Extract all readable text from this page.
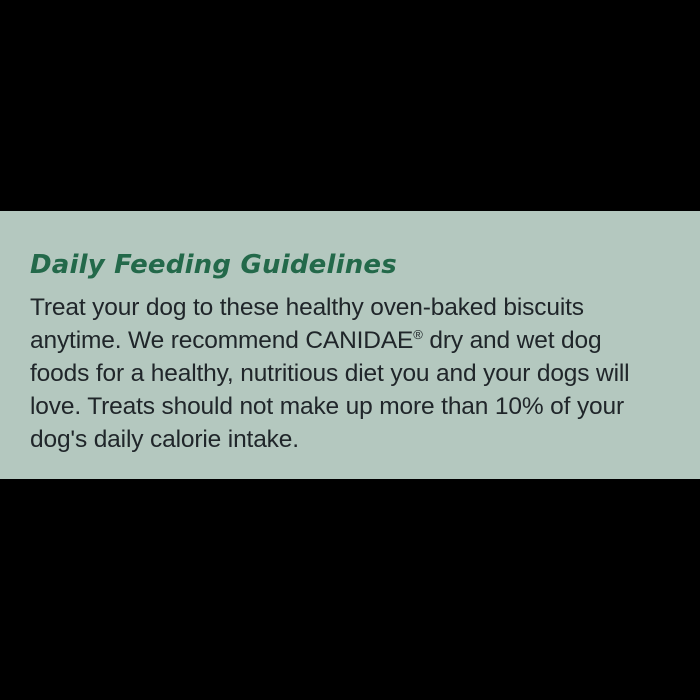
Daily Feeding Guidelines
Treat your dog to these healthy oven-baked biscuits anytime. We recommend CANIDAE® dry and wet dog foods for a healthy, nutritious diet you and your dogs will love. Treats should not make up more than 10% of your dog's daily calorie intake.
